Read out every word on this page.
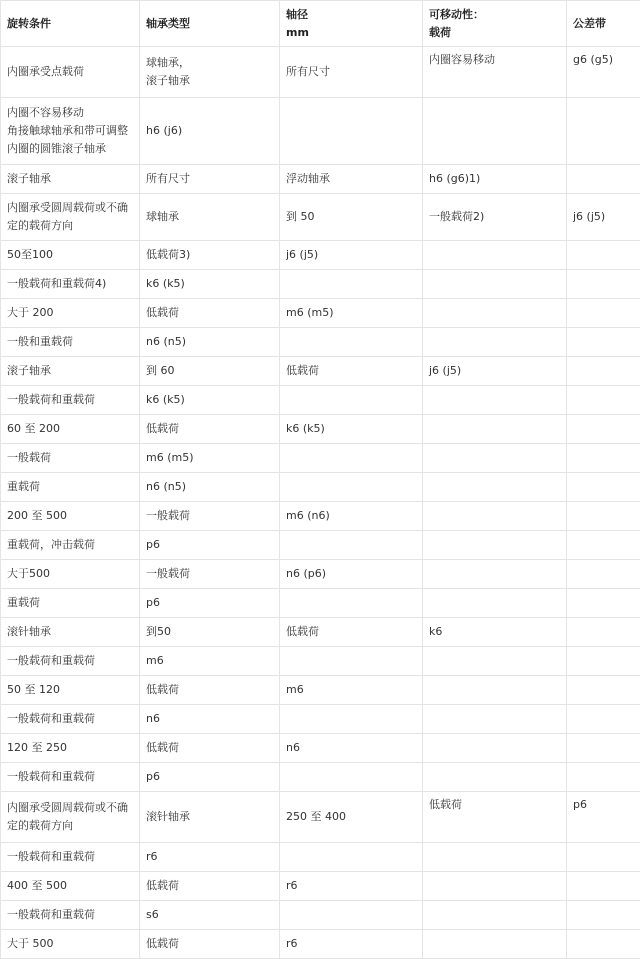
旋转条件	轴承类型	轴径
mm	可移动性：
载荷	公差带

内圈承受点载荷	球轴承，
滚子轴承	所有尺寸	内圈容易移动	g6 (g5)

内圈不容易移动
角接触球轴承和带可调整
内圈的圆锥滚子轴承	h6 (j6)			

滚子轴承	所有尺寸	浮动轴承	h6 (g6)1)	

内圈承受圆周载荷或不确
定的载荷方向	球轴承	到 50	一般载荷2)	j6 (j5)

50至100	低载荷3)	j6 (j5)		

一般载荷和重载荷4)	k6 (k5)			

大于 200	低载荷	m6 (m5)		

一般和重载荷	n6 (n5)			

滚子轴承	到 60	低载荷	j6 (j5)	

一般载荷和重载荷	k6 (k5)			

60 至 200	低载荷	k6 (k5)		

一般载荷	m6 (m5)			

重载荷	n6 (n5)			

200 至 500	一般载荷	m6 (n6)		

重载荷，冲击载荷	p6			

大于500	一般载荷	n6 (p6)		

重载荷	p6			

滚针轴承	到50	低载荷	k6	

一般载荷和重载荷	m6			

50 至 120	低载荷	m6		

一般载荷和重载荷	n6			

120 至 250	低载荷	n6		

一般载荷和重载荷	p6			

内圈承受圆周载荷或不确
定的载荷方向	滚针轴承	250 至 400	低载荷	p6

一般载荷和重载荷	r6			

400 至 500	低载荷	r6		

一般载荷和重载荷	s6			

大于 500	低载荷	r6		
